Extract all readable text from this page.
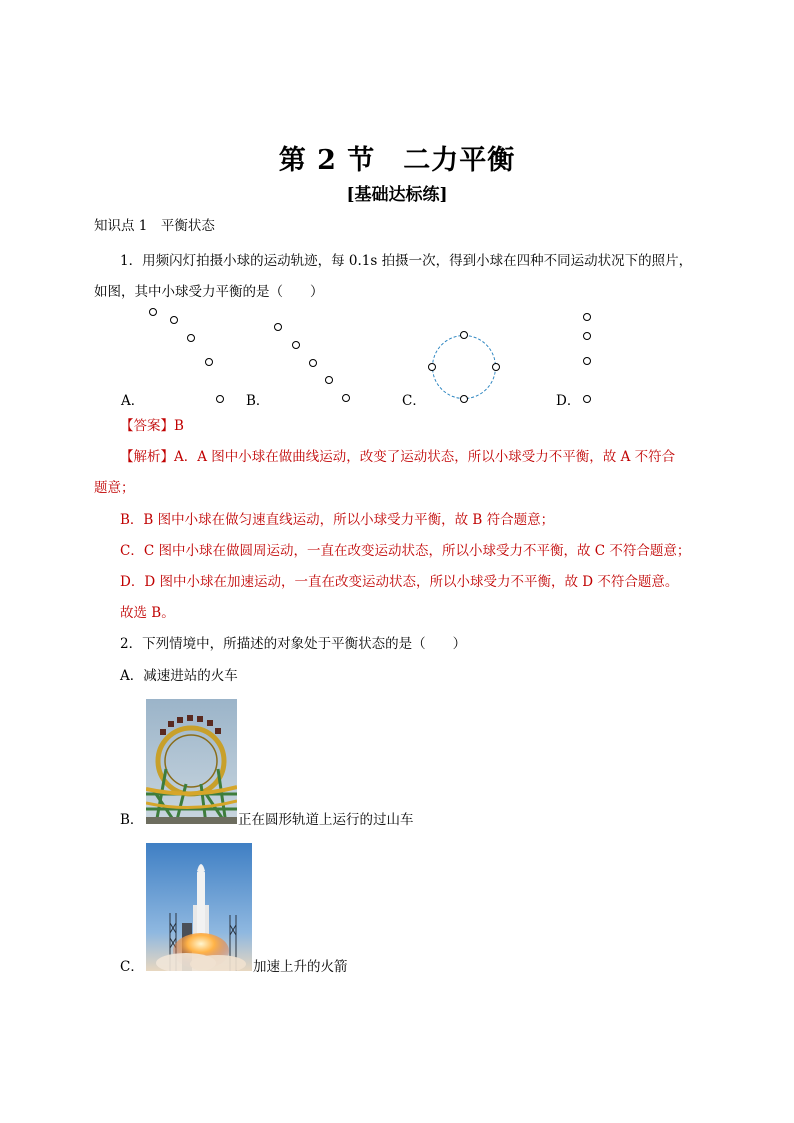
第 2 节　二力平衡
[基础达标练]
知识点 1　平衡状态
1．用频闪灯拍摄小球的运动轨迹，每 0.1s 拍摄一次，得到小球在四种不同运动状况下的照片，
如图，其中小球受力平衡的是（　　）
A．	B．	C．	D．
【答案】B
【解析】A．A 图中小球在做曲线运动，改变了运动状态，所以小球受力不平衡，故 A 不符合
题意；
B．B 图中小球在做匀速直线运动，所以小球受力平衡，故 B 符合题意；
C．C 图中小球在做圆周运动，一直在改变运动状态，所以小球受力不平衡，故 C 不符合题意；
D．D 图中小球在加速运动，一直在改变运动状态，所以小球受力不平衡，故 D 不符合题意。
故选 B。
2．下列情境中，所描述的对象处于平衡状态的是（　　）
A．减速进站的火车
B．	正在圆形轨道上运行的过山车
C．	加速上升的火箭
